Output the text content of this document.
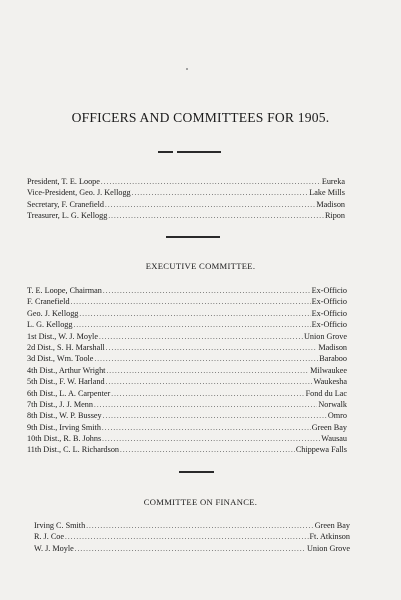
OFFICERS AND COMMITTEES FOR 1905.
President, T. E. Loope .....	Eureka
Vice-President, Geo. J. Kellogg .....	Lake Mills
Secretary, F. Cranefield .....	Madison
Treasurer, L. G. Kellogg .....	Ripon
EXECUTIVE COMMITTEE.
T. E. Loope, Chairman .....	Ex-Officio
F. Cranefield .....	Ex-Officio
Geo. J. Kellogg .....	Ex-Officio
L. G. Kellogg .....	Ex-Officio
1st Dist., W. J. Moyle .....	Union Grove
2d Dist., S. H. Marshall .....	Madison
3d Dist., Wm. Toole .....	Baraboo
4th Dist., Arthur Wright .....	Milwaukee
5th Dist., F. W. Harland .....	Waukesha
6th Dist., L. A. Carpenter .....	Fond du Lac
7th Dist., J. J. Menn .....	Norwalk
8th Dist., W. P. Bussey .....	Omro
9th Dist., Irving Smith .....	Green Bay
10th Dist., R. B. Johns .....	Wausau
11th Dist., C. L. Richardson .....	Chippewa Falls
COMMITTEE ON FINANCE.
Irving C. Smith .....	Green Bay
R. J. Coe .....	Ft. Atkinson
W. J. Moyle .....	Union Grove
